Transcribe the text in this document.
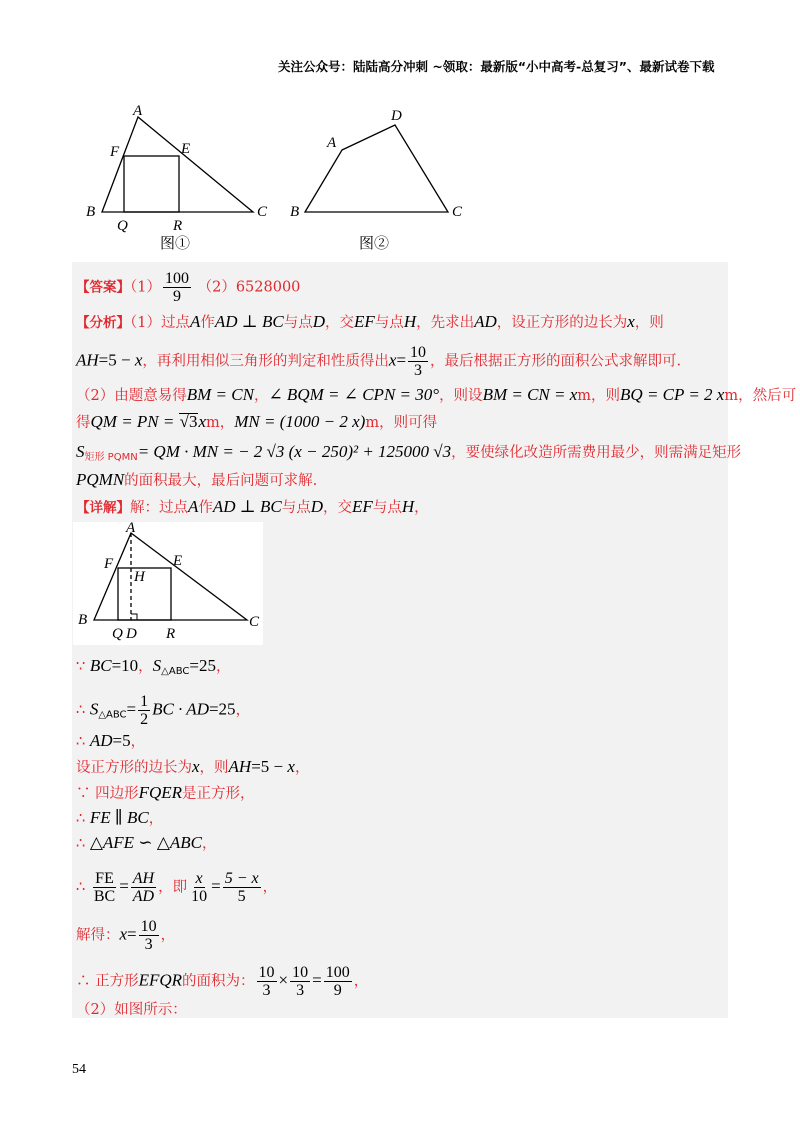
关注公众号：陆陆高分冲刺 ~领取：最新版“小中高考-总复习”、最新试卷下载
A
F	E
B
Q	R
C
图①
A
D
B	C
图②
【答案】$(1) \frac{100}{9} (2)6528000$
【分析】（1）过点A作AD ⊥ BC与点D，交EF与点H，先求出AD，设正方形的边长为x，则
AH=5 − x，再利用相似三角形的判定和性质得出$x= \frac{10}{3}$ ，最后根据正方形的面积公式求解即可.
（2）由题意易得BM = CN，∠ BQM = ∠ CPN = 30°，则设BM = CN = xm，则BQ = CP = 2 xm，然后可
得QM = PN = √3xm，MN = (1000 − 2 x)m，则可得
$S_{矩形 PQMN}=$ QM · MN = − 2 √3 (x − 250)² + 125000 √3，要使绿化改造所需费用最少，则需满足矩形
PQMN的面积最大，最后问题可求解.
【详解】解：过点A作AD ⊥ BC与点D，交EF与点H，
A
F	E
H
B
Q D R
C
∵ BC=10，$S_{\triangle ABC}=25$，
∴ $S_{\triangle ABC}= \frac{1}{2}$ BC · AD=25，
∴ AD=5，
设正方形的边长为x，则AH=5 − x，
∵ 四边形FQER是正方形，
∴ FE ∥ BC，
∴ △AFE ∽ △ABC，
∴ $\frac{FE}{BC} = \frac{AH}{AD}$ ，即 $\frac{x}{10} = \frac{5 - x}{5}$ ，
解得：$x= \frac{10}{3}$ ，
∴ 正方形EFQR的面积为： $\frac{10}{3} \times \frac{10}{3} = \frac{100}{9}$ ，
（2）如图所示：
54
